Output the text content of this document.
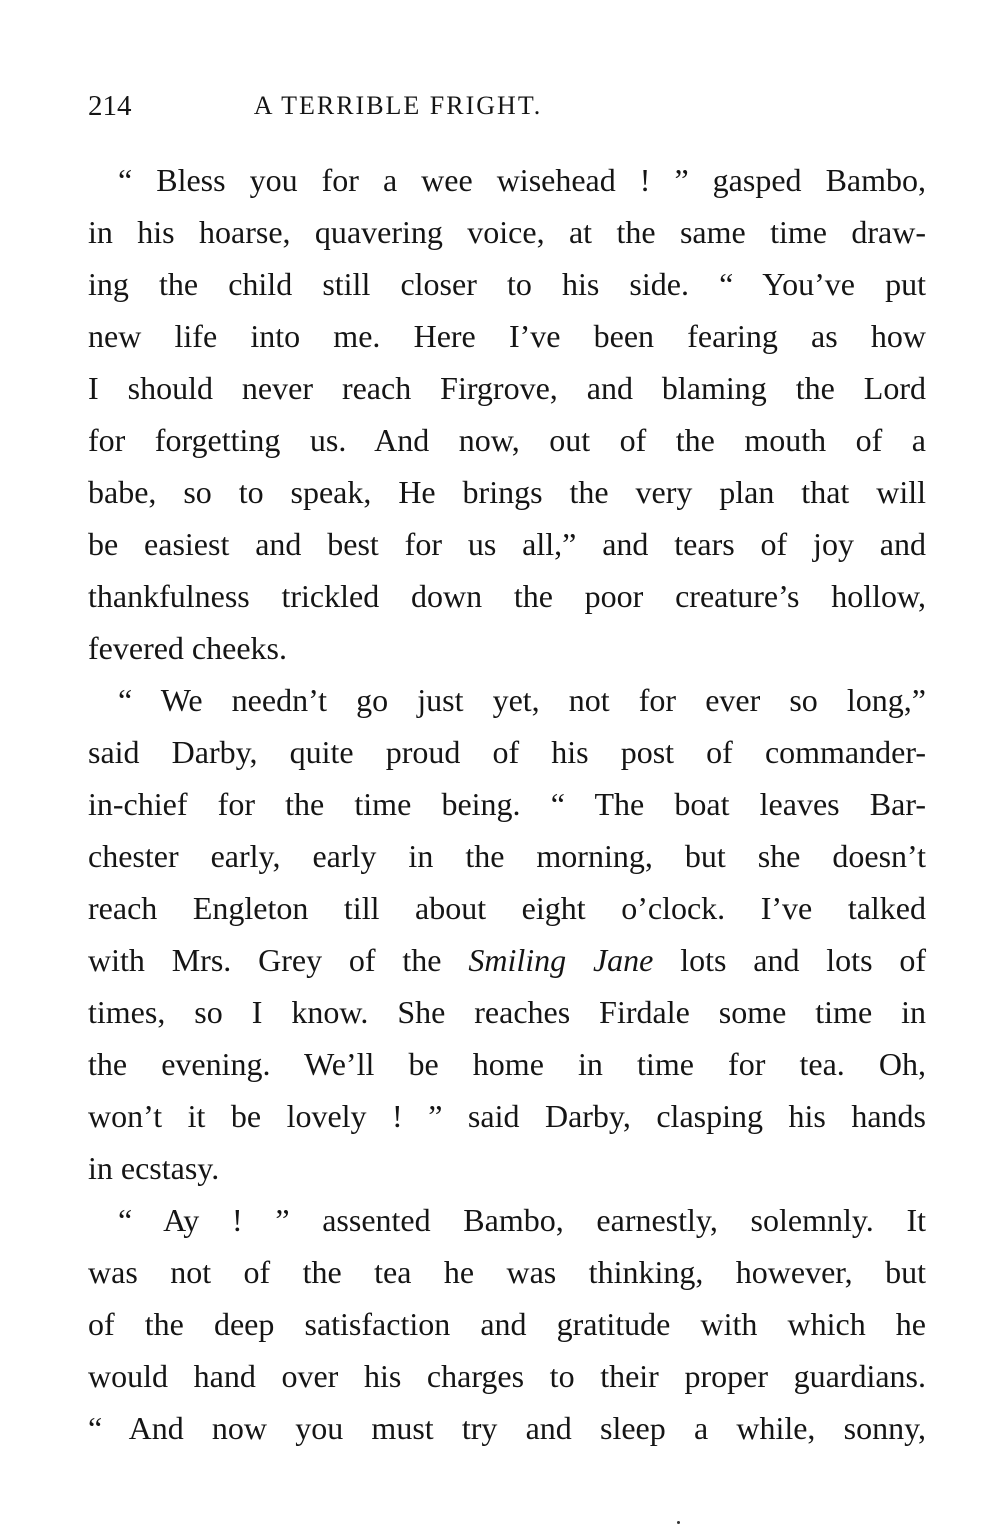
214	A TERRIBLE FRIGHT.
“ Bless you for a wee wisehead ! ” gasped Bambo,
in his hoarse, quavering voice, at the same time draw-
ing the child still closer to his side. “ You’ve put
new life into me. Here I’ve been fearing as how
I should never reach Firgrove, and blaming the Lord
for forgetting us. And now, out of the mouth of a
babe, so to speak, He brings the very plan that will
be easiest and best for us all,” and tears of joy and
thankfulness trickled down the poor creature’s hollow,
fevered cheeks.
“ We needn’t go just yet, not for ever so long,”
said Darby, quite proud of his post of commander-
in-chief for the time being. “ The boat leaves Bar-
chester early, early in the morning, but she doesn’t
reach Engleton till about eight o’clock. I’ve talked
with Mrs. Grey of the Smiling Jane lots and lots of
times, so I know. She reaches Firdale some time in
the evening. We’ll be home in time for tea. Oh,
won’t it be lovely ! ” said Darby, clasping his hands
in ecstasy.
“ Ay ! ” assented Bambo, earnestly, solemnly. It
was not of the tea he was thinking, however, but
of the deep satisfaction and gratitude with which he
would hand over his charges to their proper guardians.
“ And now you must try and sleep a while, sonny,
